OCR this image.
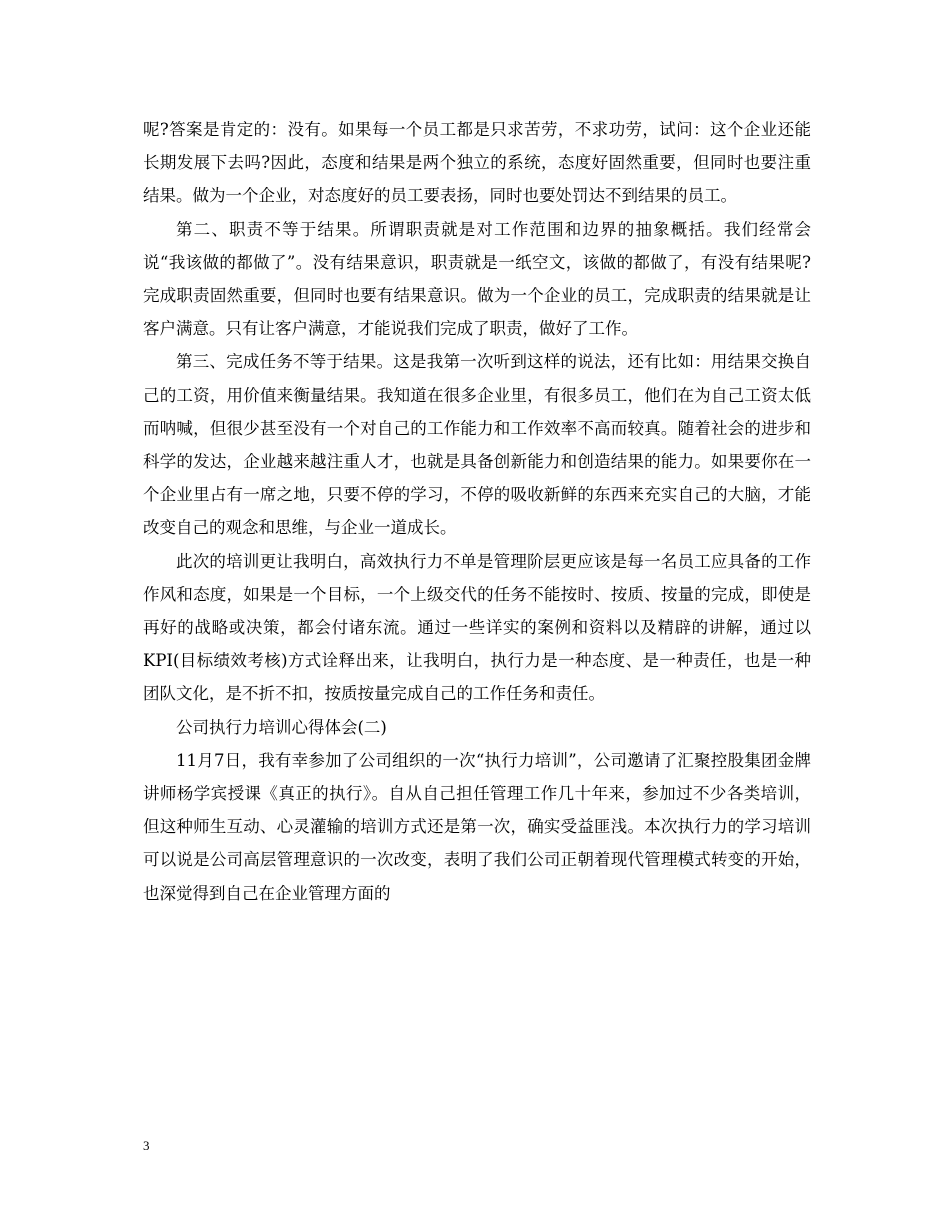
呢?答案是肯定的：没有。如果每一个员工都是只求苦劳，不求功劳，试问：这个企业还能长期发展下去吗?因此，态度和结果是两个独立的系统，态度好固然重要，但同时也要注重结果。做为一个企业，对态度好的员工要表扬，同时也要处罚达不到结果的员工。

第二、职责不等于结果。所谓职责就是对工作范围和边界的抽象概括。我们经常会说“我该做的都做了”。没有结果意识，职责就是一纸空文，该做的都做了，有没有结果呢?完成职责固然重要，但同时也要有结果意识。做为一个企业的员工，完成职责的结果就是让客户满意。只有让客户满意，才能说我们完成了职责，做好了工作。

第三、完成任务不等于结果。这是我第一次听到这样的说法，还有比如：用结果交换自己的工资，用价值来衡量结果。我知道在很多企业里，有很多员工，他们在为自己工资太低而呐喊，但很少甚至没有一个对自己的工作能力和工作效率不高而较真。随着社会的进步和科学的发达，企业越来越注重人才，也就是具备创新能力和创造结果的能力。如果要你在一个企业里占有一席之地，只要不停的学习，不停的吸收新鲜的东西来充实自己的大脑，才能改变自己的观念和思维，与企业一道成长。

此次的培训更让我明白，高效执行力不单是管理阶层更应该是每一名员工应具备的工作作风和态度，如果是一个目标，一个上级交代的任务不能按时、按质、按量的完成，即使是再好的战略或决策，都会付诸东流。通过一些详实的案例和资料以及精辟的讲解，通过以KPI(目标绩效考核)方式诠释出来，让我明白，执行力是一种态度、是一种责任，也是一种团队文化，是不折不扣，按质按量完成自己的工作任务和责任。

公司执行力培训心得体会(二)

11月7日，我有幸参加了公司组织的一次“执行力培训”，公司邀请了汇聚控股集团金牌讲师杨学宾授课《真正的执行》。自从自己担任管理工作几十年来，参加过不少各类培训，但这种师生互动、心灵灌输的培训方式还是第一次，确实受益匪浅。本次执行力的学习培训可以说是公司高层管理意识的一次改变，表明了我们公司正朝着现代管理模式转变的开始，也深觉得到自己在企业管理方面的

3
